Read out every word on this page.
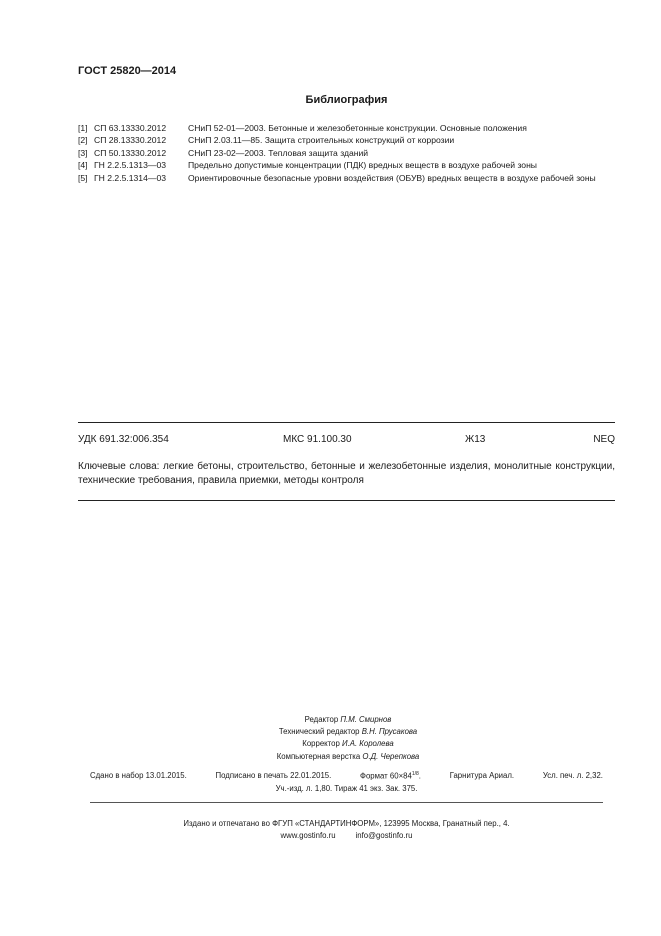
ГОСТ 25820—2014
Библиография
[1] СП 63.13330.2012	СНиП 52-01—2003. Бетонные и железобетонные конструкции. Основные положения
[2] СП 28.13330.2012	СНиП 2.03.11—85. Защита строительных конструкций от коррозии
[3] СП 50.13330.2012	СНиП 23-02—2003. Тепловая защита зданий
[4] ГН 2.2.5.1313—03	Предельно допустимые концентрации (ПДК) вредных веществ в воздухе рабочей зоны
[5] ГН 2.2.5.1314—03	Ориентировочные безопасные уровни воздействия (ОБУВ) вредных веществ в воздухе рабочей зоны
УДК 691.32:006.354	МКС 91.100.30	Ж13	NEQ
Ключевые слова: легкие бетоны, строительство, бетонные и железобетонные изделия, монолитные конструкции, технические требования, правила приемки, методы контроля
Редактор П.М. Смирнов
Технический редактор В.Н. Прусакова
Корректор И.А. Королева
Компьютерная верстка О.Д. Черепкова
Сдано в набор 13.01.2015.	Подписано в печать 22.01.2015.	Формат $60\times 84^{1/8}$.	Гарнитура Ариал.	Усл. печ. л. 2,32.
Уч.-изд. л. 1,80. Тираж 41 экз. Зак. 375.
Издано и отпечатано во ФГУП «СТАНДАРТИНФОРМ», 123995 Москва, Гранатный пер., 4.
www.gostinfo.ru	info@gostinfo.ru
